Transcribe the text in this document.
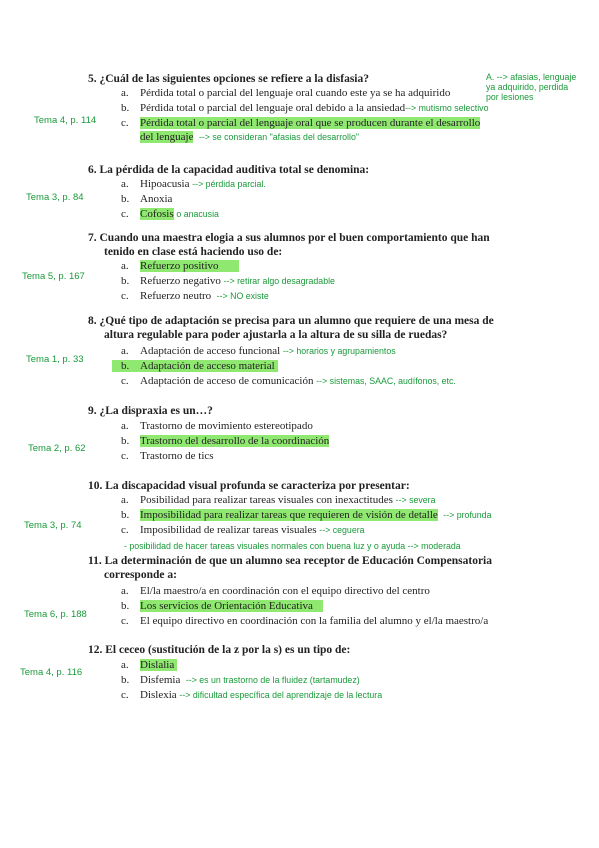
5. ¿Cuál de las siguientes opciones se refiere a la disfasia?
Tema 4, p. 114
A. --> afasias, lenguaje
ya adquirido, perdida
por lesiones
a. Pérdida total o parcial del lenguaje oral cuando este ya se ha adquirido
b. Pérdida total o parcial del lenguaje oral debido a la ansiedad--> mutismo selectivo
c. Pérdida total o parcial del lenguaje oral que se producen durante el desarrollo
del lenguaje --> se consideran "afasias del desarrollo"
6. La pérdida de la capacidad auditiva total se denomina:
Tema 3, p. 84
a. Hipoacusia --> pérdida parcial.
b. Anoxia
c. Cofosis o anacusia
7. Cuando una maestra elogia a sus alumnos por el buen comportamiento que han
tenido en clase está haciendo uso de:
Tema 5, p. 167
a. Refuerzo positivo
b. Refuerzo negativo --> retirar algo desagradable
c. Refuerzo neutro --> NO existe
8. ¿Qué tipo de adaptación se precisa para un alumno que requiere de una mesa de
altura regulable para poder ajustarla a la altura de su silla de ruedas?
Tema 1, p. 33
a. Adaptación de acceso funcional --> horarios y agrupamientos
b. Adaptación de acceso material
c. Adaptación de acceso de comunicación --> sistemas, SAAC, audífonos, etc.
9. ¿La dispraxia es un…?
Tema 2, p. 62
a. Trastorno de movimiento estereotipado
b. Trastorno del desarrollo de la coordinación
c. Trastorno de tics
10. La discapacidad visual profunda se caracteriza por presentar:
Tema 3, p. 74
a. Posibilidad para realizar tareas visuales con inexactitudes --> severa
b. Imposibilidad para realizar tareas que requieren de visión de detalle --> profunda
c. Imposibilidad de realizar tareas visuales --> ceguera
- posibilidad de hacer tareas visuales normales con buena luz y o ayuda --> moderada
11. La determinación de que un alumno sea receptor de Educación Compensatoria
corresponde a:
Tema 6, p. 188
a. El/la maestro/a en coordinación con el equipo directivo del centro
b. Los servicios de Orientación Educativa
c. El equipo directivo en coordinación con la familia del alumno y el/la maestro/a
12. El ceceo (sustitución de la z por la s) es un tipo de:
Tema 4, p. 116
a. Dislalia
b. Disfemia --> es un trastorno de la fluidez (tartamudez)
c. Dislexia --> dificultad específica del aprendizaje de la lectura
